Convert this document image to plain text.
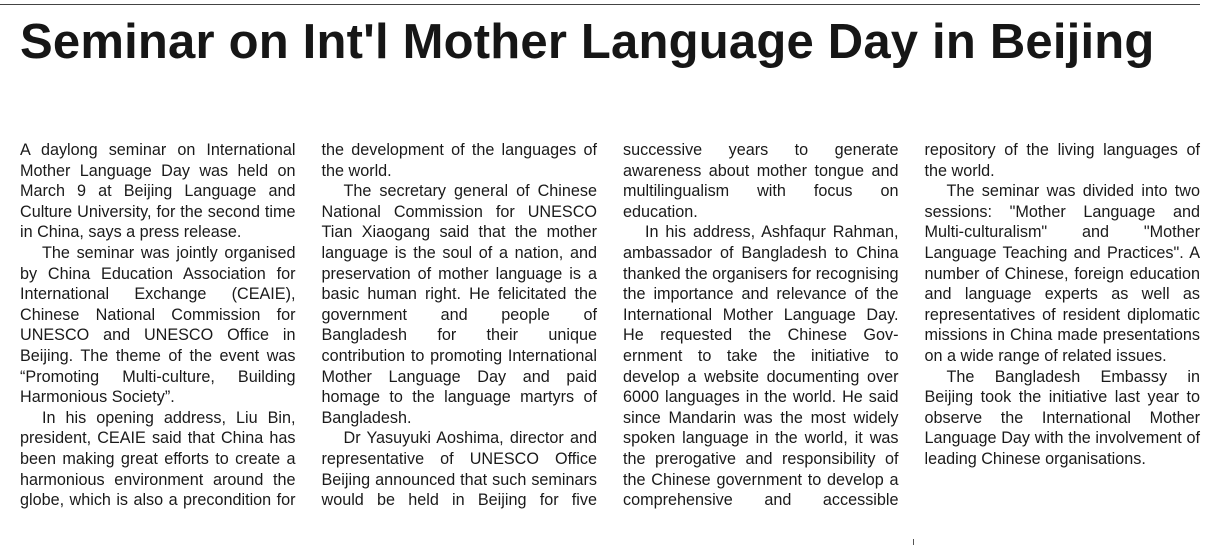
Seminar on Int'l Mother Language Day in Beijing

A daylong seminar on International Mother Language Day was held on March 9 at Beijing Language and Culture University, for the second time in China, says a press release.

The seminar was jointly organised by China Education Association for International Exchange (CEAIE), Chinese National Commission for UNESCO and UNESCO Office in Beijing. The theme of the event was “Promoting Multi-culture, Building Harmonious Society”.

In his opening address, Liu Bin, president, CEAIE said that China has been making great efforts to create a harmonious environment around the globe, which is also a precondition for the development of the languages of the world.

The secretary general of Chinese National Commission for UNESCO Tian Xiaogang said that the mother language is the soul of a nation, and preservation of mother language is a basic human right. He felicitated the government and people of Bangladesh for their unique contribution to promoting International Mother Language Day and paid homage to the language martyrs of Bangladesh.

Dr Yasuyuki Aoshima, director and representative of UNESCO Office Beijing announced that such seminars would be held in Beijing for five successive years to generate awareness about mother tongue and multilingualism with focus on education.

In his address, Ashfaqur Rahman, ambassador of Bangladesh to China thanked the organisers for recognising the importance and relevance of the International Mother Language Day. He requested the Chinese Government to take the initiative to develop a website documenting over 6000 languages in the world. He said since Mandarin was the most widely spoken language in the world, it was the prerogative and responsibility of the Chinese government to develop a comprehensive and accessible repository of the living languages of the world.

The seminar was divided into two sessions: "Mother Language and Multi-culturalism" and "Mother Language Teaching and Practices". A number of Chinese, foreign education and language experts as well as representatives of resident diplomatic missions in China made presentations on a wide range of related issues.

The Bangladesh Embassy in Beijing took the initiative last year to observe the International Mother Language Day with the involvement of leading Chinese organisations.
